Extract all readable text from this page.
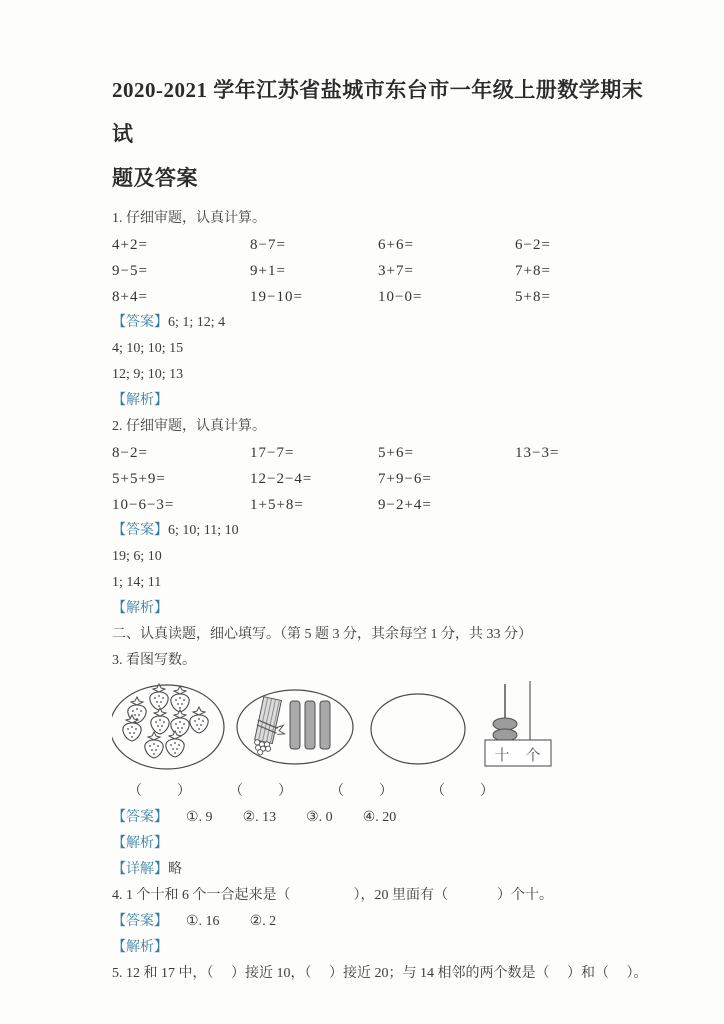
2020-2021 学年江苏省盐城市东台市一年级上册数学期末试
题及答案
1. 仔细审题，认真计算。
4+2=	8−7=	6+6=	6−2=
9−5=	9+1=	3+7=	7+8=
8+4=	19−10=	10−0=	5+8=
【答案】6; 1; 12; 4
4; 10; 10; 15
12; 9; 10; 13
【解析】
2. 仔细审题，认真计算。
8−2=	17−7=	5+6=	13−3=
5+5+9=	12−2−4=	7+9−6=
10−6−3=	1+5+8=	9−2+4=
【答案】6; 10; 11; 10
19; 6; 10
1; 14; 11
【解析】
二、认真读题，细心填写。（第 5 题 3 分，其余每空 1 分，共 33 分）
3. 看图写数。
十 个
（          ）	（          ）	（          ）	（          ）
【答案】 ①. 9 ②. 13 ③. 0 ④. 20
【解析】
【详解】略
4. 1 个十和 6 个一合起来是（                  ），20 里面有（              ）个十。
【答案】 ①. 16 ②. 2
【解析】
5. 12 和 17 中，（     ）接近 10，（     ）接近 20；与 14 相邻的两个数是（     ）和（     ）。
